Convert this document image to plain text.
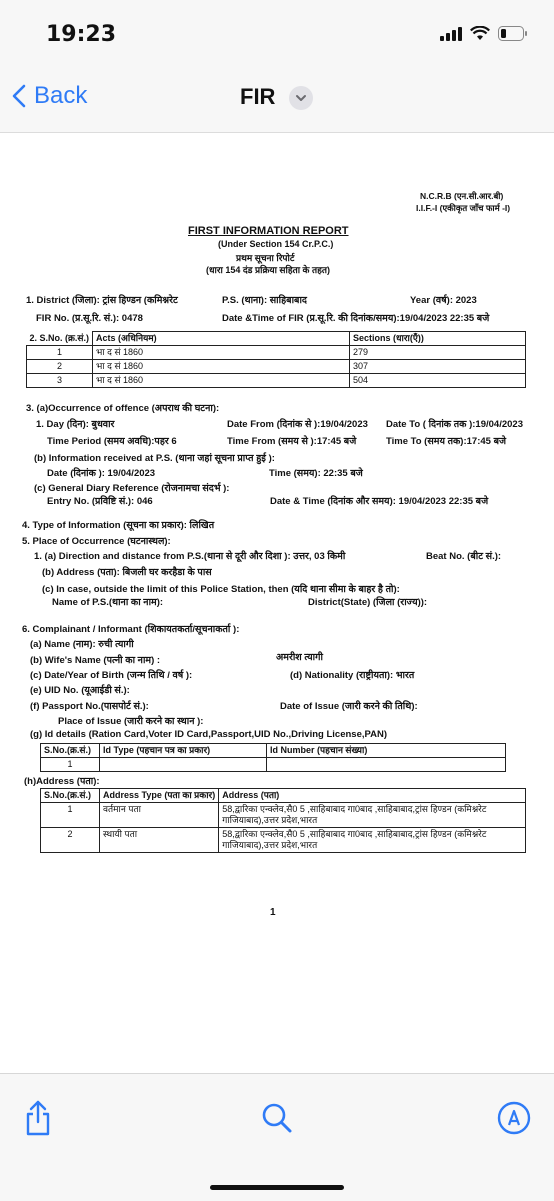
19:23
Back	FIR
N.C.R.B (एन.सी.आर.बी)
I.I.F.-I (एकीकृत जाँच फार्म -I)
FIRST INFORMATION REPORT
(Under Section 154 Cr.P.C.)
प्रथम सूचना रिपोर्ट
(धारा 154 दंड प्रक्रिया सहिता के तहत)
1. District (जिला): ट्रांस हिण्डन (कमिश्नरेट	P.S. (थाना): साहिबाबाद	Year (वर्ष): 2023
FIR No. (प्र.सू.रि. सं.): 0478	Date &Time of FIR (प्र.सू.रि. की दिनांक/समय):19/04/2023 22:35 बजे
2. S.No. (क्र.सं.)	Acts (अधिनियम)	Sections (धारा(एँ))
1	भा द सं 1860	279
2	भा द सं 1860	307
3	भा द सं 1860	504
3. (a)Occurrence of offence (अपराध की घटना):
1. Day (दिन): बुधवार	Date From (दिनांक से ):19/04/2023 Date To ( दिनांक तक ):19/04/2023
Time Period (समय अवधि):पहर 6	Time From (समय से ):17:45 बजे	Time To (समय तक):17:45 बजे
(b) Information received at P.S. (थाना जहां सूचना प्राप्त हुई ):
Date (दिनांक ): 19/04/2023	Time (समय): 22:35 बजे
(c) General Diary Reference (रोजनामचा संदर्भ ):
Entry No. (प्रविष्टि सं.): 046	Date & Time (दिनांक और समय): 19/04/2023 22:35 बजे
4. Type of Information (सूचना का प्रकार): लिखित
5. Place of Occurrence (घटनास्थल):
1. (a) Direction and distance from P.S.(थाना से दूरी और दिशा ): उत्तर, 03 किमी	Beat No. (बीट सं.):
(b) Address (पता): बिजली घर करहैडा के पास
(c) In case, outside the limit of this Police Station, then (यदि थाना सीमा के बाहर है तो):
Name of P.S.(थाना का नाम):	District(State) (जिला (राज्य)):
6. Complainant / Informant (शिकायतकर्ता/सूचनाकर्ता ):
(a) Name (नाम): रुची त्यागी
(b) Wife's Name (पत्नी का नाम) :	अमरीश त्यागी
(c) Date/Year of Birth (जन्म तिथि / वर्ष ):	(d) Nationality (राष्ट्रीयता): भारत
(e) UID No. (यूआईडी सं.):
(f) Passport No.(पासपोर्ट सं.):	Date of Issue (जारी करने की तिथि):
Place of Issue (जारी करने का स्थान ):
(g) Id details (Ration Card,Voter ID Card,Passport,UID No.,Driving License,PAN)
S.No.(क्र.सं.)	Id Type (पहचान पत्र का प्रकार)	Id Number (पहचान संख्या)
1		
(h)Address (पता):
S.No.(क्र.सं.)	Address Type (पता का प्रकार)	Address (पता)
1	वर्तमान पता	58,द्वारिका एन्क्लेव,सै0 5 ,साहिबाबाद गा0बाद ,साहिबाबाद,ट्रांस हिण्डन (कमिश्नरेट
गाजियाबाद),उत्तर प्रदेश,भारत

2	स्थायी पता	58,द्वारिका एन्क्लेव,सै0 5 ,साहिबाबाद गा0बाद ,साहिबाबाद,ट्रांस हिण्डन (कमिश्नरेट
गाजियाबाद),उत्तर प्रदेश,भारत
1
